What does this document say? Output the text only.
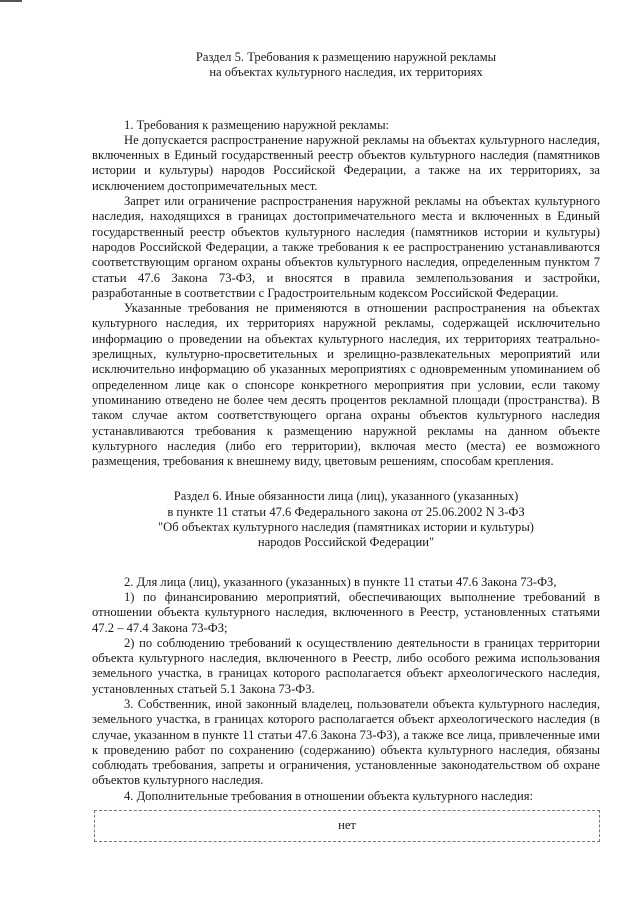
Раздел 5. Требования к размещению наружной рекламы
на объектах культурного наследия, их территориях

1. Требования к размещению наружной рекламы:

Не допускается распространение наружной рекламы на объектах культурного наследия, включенных в Единый государственный реестр объектов культурного наследия (памятников истории и культуры) народов Российской Федерации, а также на их территориях, за исключением достопримечательных мест.

Запрет или ограничение распространения наружной рекламы на объектах культурного наследия, находящихся в границах достопримечательного места и включенных в Единый государственный реестр объектов культурного наследия (памятников истории и культуры) народов Российской Федерации, а также требования к ее распространению устанавливаются соответствующим органом охраны объектов культурного наследия, определенным пунктом 7 статьи 47.6 Закона 73-ФЗ, и вносятся в правила землепользования и застройки, разработанные в соответствии с Градостроительным кодексом Российской Федерации.

Указанные требования не применяются в отношении распространения на объектах культурного наследия, их территориях наружной рекламы, содержащей исключительно информацию о проведении на объектах культурного наследия, их территориях театрально-зрелищных, культурно-просветительных и зрелищно-развлекательных мероприятий или исключительно информацию об указанных мероприятиях с одновременным упоминанием об определенном лице как о спонсоре конкретного мероприятия при условии, если такому упоминанию отведено не более чем десять процентов рекламной площади (пространства). В таком случае актом соответствующего органа охраны объектов культурного наследия устанавливаются требования к размещению наружной рекламы на данном объекте культурного наследия (либо его территории), включая место (места) ее возможного размещения, требования к внешнему виду, цветовым решениям, способам крепления.

Раздел 6. Иные обязанности лица (лиц), указанного (указанных)
в пункте 11 статьи 47.6 Федерального закона от 25.06.2002 N 3-ФЗ
"Об объектах культурного наследия (памятниках истории и культуры)
народов Российской Федерации"

2. Для лица (лиц), указанного (указанных) в пункте 11 статьи 47.6 Закона 73-ФЗ,

1) по финансированию мероприятий, обеспечивающих выполнение требований в отношении объекта культурного наследия, включенного в Реестр, установленных статьями 47.2 – 47.4 Закона 73-ФЗ;

2) по соблюдению требований к осуществлению деятельности в границах территории объекта культурного наследия, включенного в Реестр, либо особого режима использования земельного участка, в границах которого располагается объект археологического наследия, установленных статьей 5.1 Закона 73-ФЗ.

3. Собственник, иной законный владелец, пользователи объекта культурного наследия, земельного участка, в границах которого располагается объект археологического наследия (в случае, указанном в пункте 11 статьи 47.6 Закона 73-ФЗ), а также все лица, привлеченные ими к проведению работ по сохранению (содержанию) объекта культурного наследия, обязаны соблюдать требования, запреты и ограничения, установленные законодательством об охране объектов культурного наследия.

4. Дополнительные требования в отношении объекта культурного наследия:

нет
